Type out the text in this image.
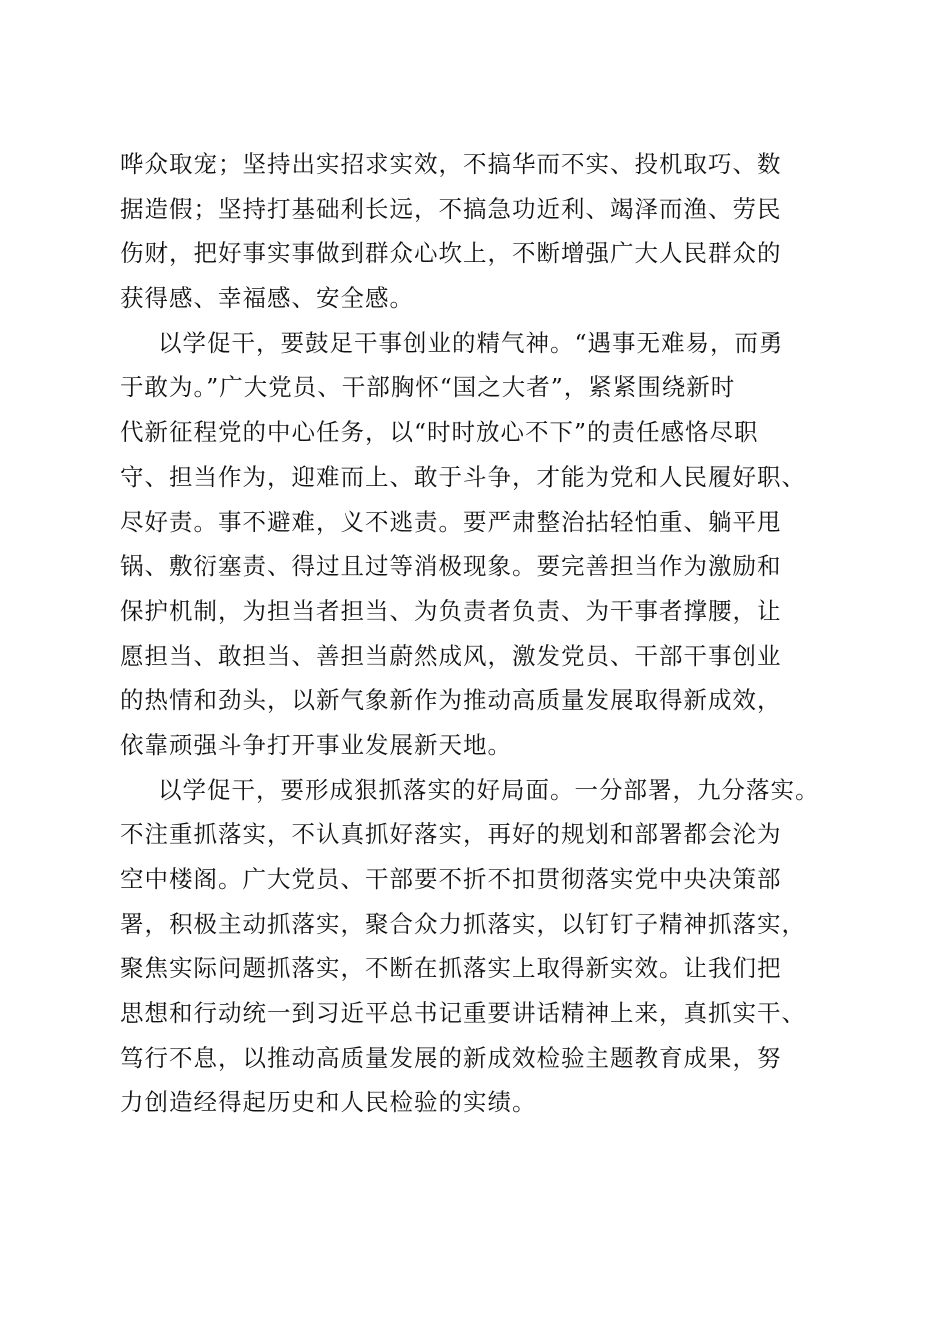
哗众取宠；坚持出实招求实效，不搞华而不实、投机取巧、数
据造假；坚持打基础利长远，不搞急功近利、竭泽而渔、劳民
伤财，把好事实事做到群众心坎上，不断增强广大人民群众的
获得感、幸福感、安全感。
以学促干，要鼓足干事创业的精气神。“遇事无难易，而勇
于敢为。”广大党员、干部胸怀“国之大者”，紧紧围绕新时
代新征程党的中心任务，以“时时放心不下”的责任感恪尽职
守、担当作为，迎难而上、敢于斗争，才能为党和人民履好职、
尽好责。事不避难，义不逃责。要严肃整治拈轻怕重、躺平甩
锅、敷衍塞责、得过且过等消极现象。要完善担当作为激励和
保护机制，为担当者担当、为负责者负责、为干事者撑腰，让
愿担当、敢担当、善担当蔚然成风，激发党员、干部干事创业
的热情和劲头，以新气象新作为推动高质量发展取得新成效，
依靠顽强斗争打开事业发展新天地。
以学促干，要形成狠抓落实的好局面。一分部署，九分落实。
不注重抓落实，不认真抓好落实，再好的规划和部署都会沦为
空中楼阁。广大党员、干部要不折不扣贯彻落实党中央决策部
署，积极主动抓落实，聚合众力抓落实，以钉钉子精神抓落实，
聚焦实际问题抓落实，不断在抓落实上取得新实效。让我们把
思想和行动统一到习近平总书记重要讲话精神上来，真抓实干、
笃行不息，以推动高质量发展的新成效检验主题教育成果，努
力创造经得起历史和人民检验的实绩。
